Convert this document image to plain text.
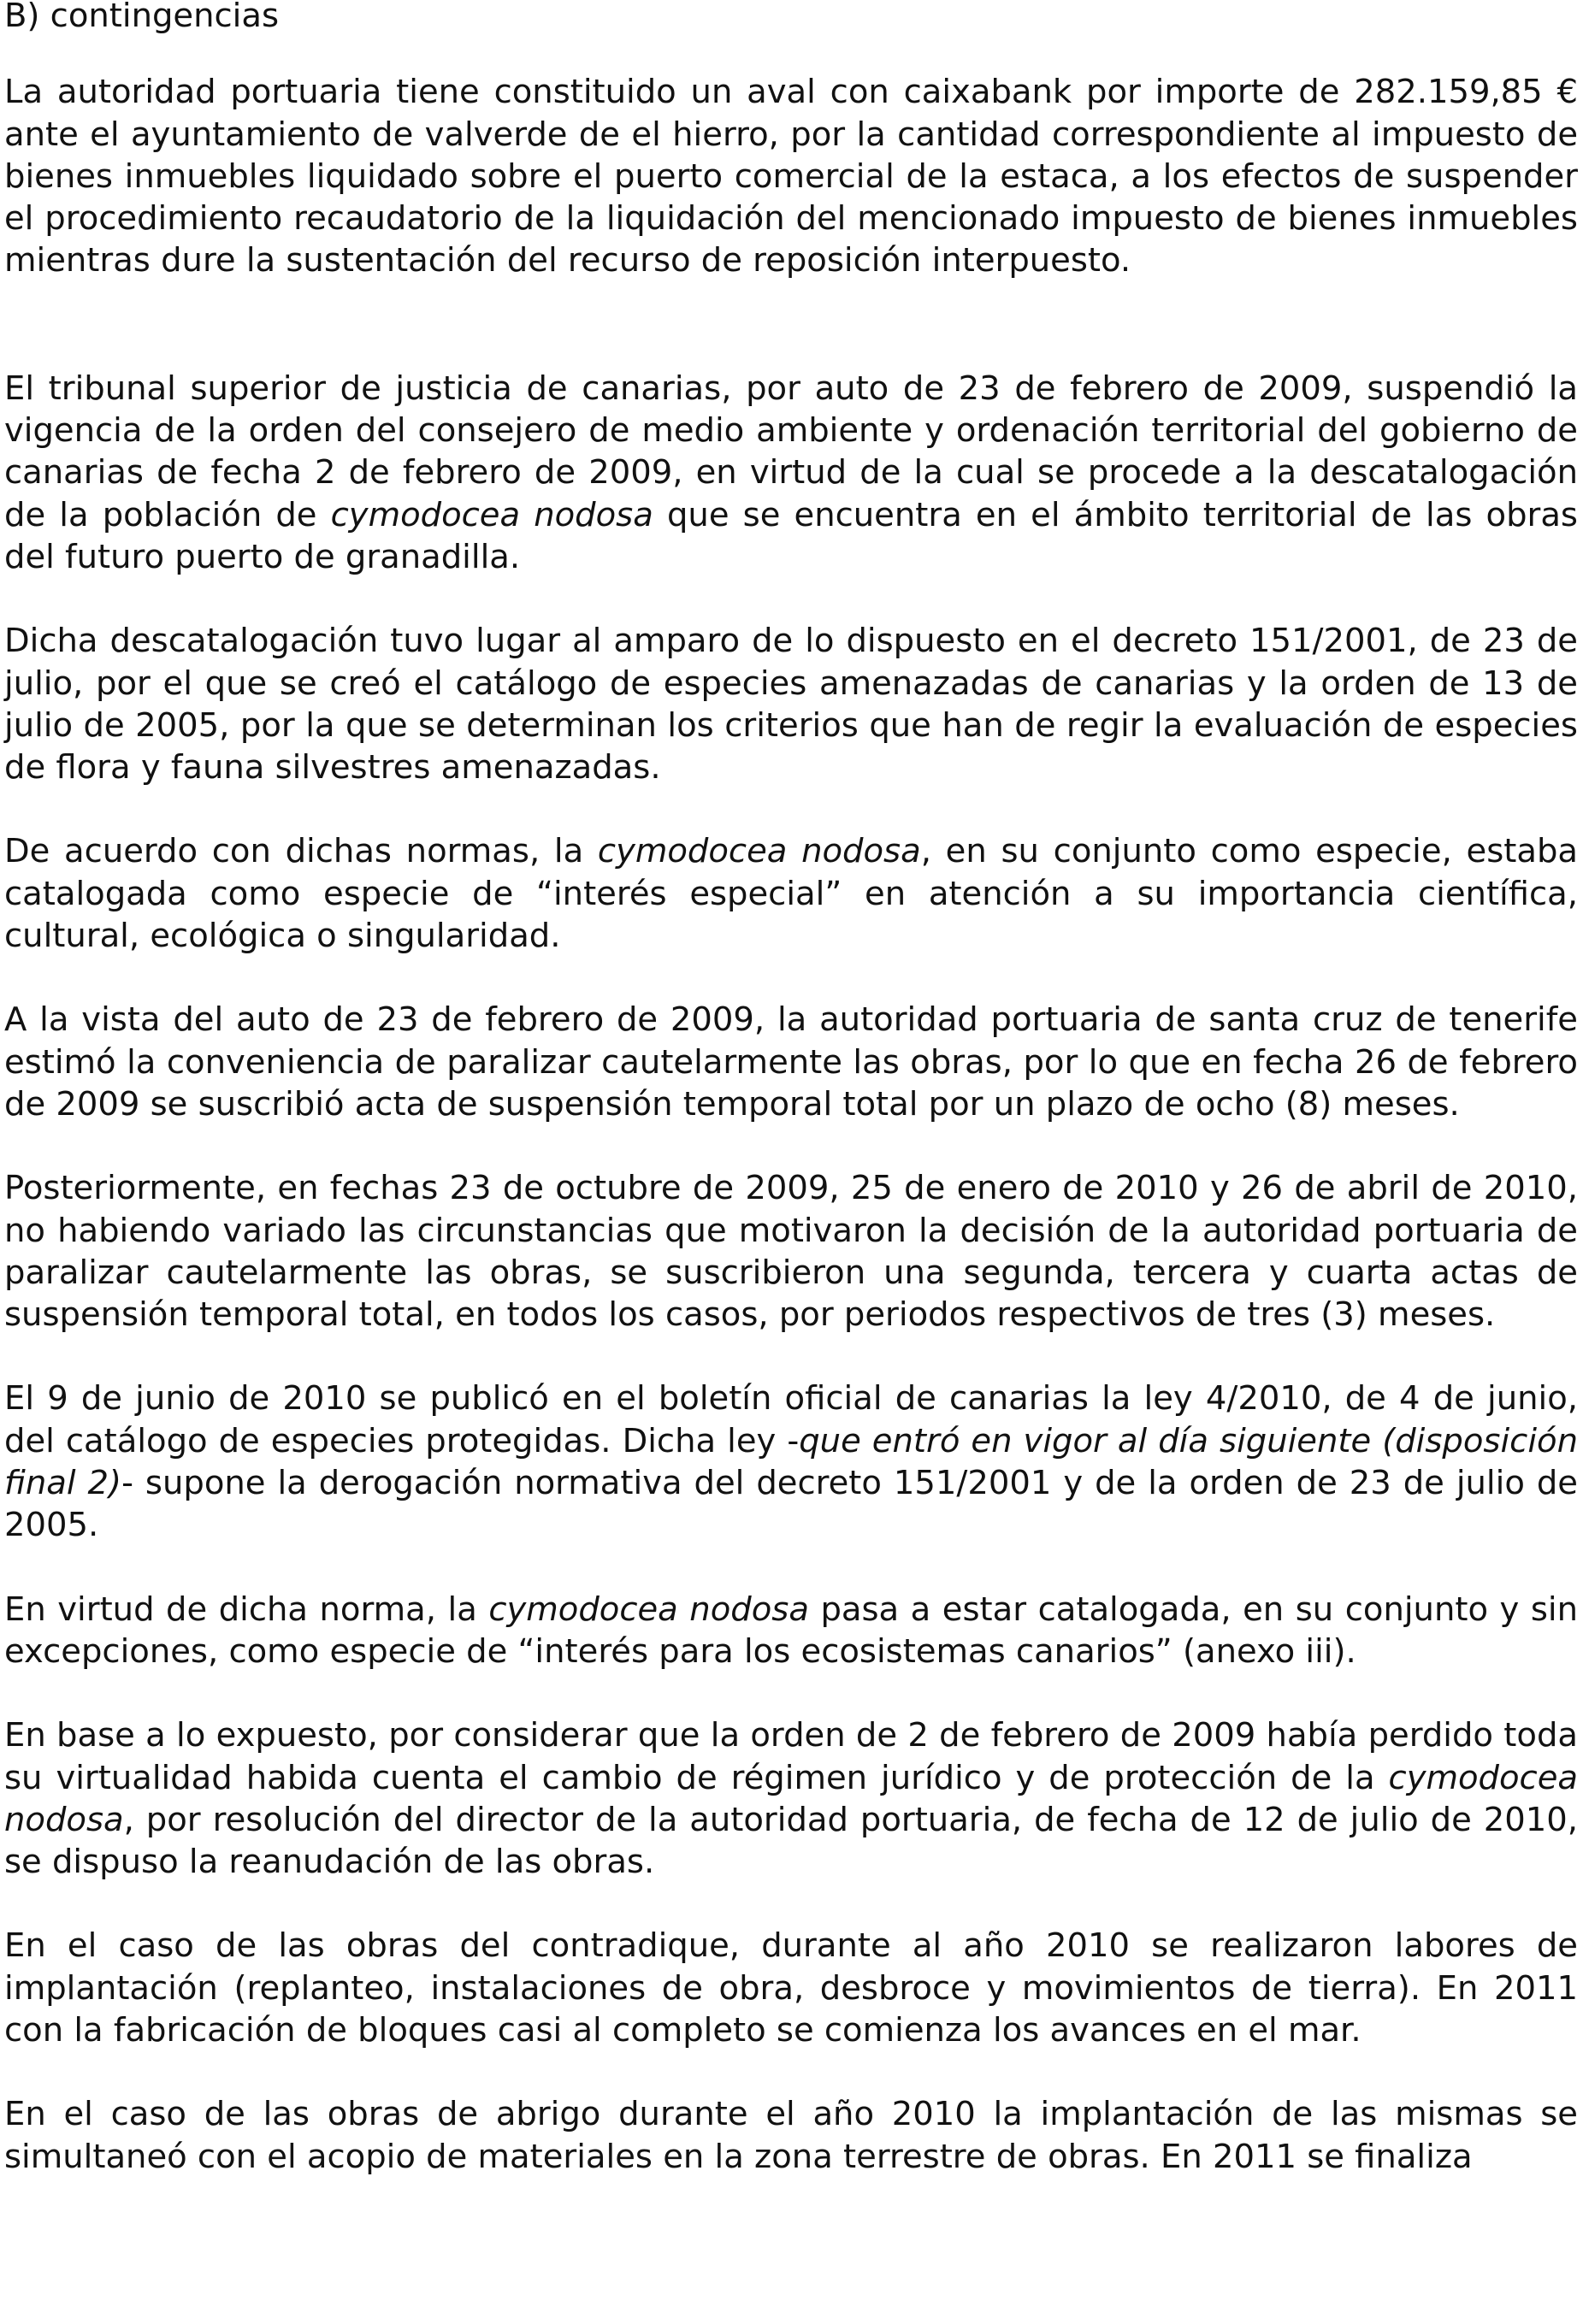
B) contingencias

La autoridad portuaria tiene constituido un aval con caixabank por importe de 282.159,85 € ante el ayuntamiento de valverde de el hierro, por la cantidad correspondiente al impuesto de bienes inmuebles liquidado sobre el puerto comercial de la estaca, a los efectos de suspender el procedimiento recaudatorio de la liquidación del mencionado impuesto de bienes inmuebles mientras dure la sustentación del recurso de reposición interpuesto.

El tribunal superior de justicia de canarias, por auto de 23 de febrero de 2009, suspendió la vigencia de la orden del consejero de medio ambiente y ordenación territorial del gobierno de canarias de fecha 2 de febrero de 2009, en virtud de la cual se procede a la descatalogación de la población de cymodocea nodosa que se encuentra en el ámbito territorial de las obras del futuro puerto de granadilla.

Dicha descatalogación tuvo lugar al amparo de lo dispuesto en el decreto 151/2001, de 23 de julio, por el que se creó el catálogo de especies amenazadas de canarias y la orden de 13 de julio de 2005, por la que se determinan los criterios que han de regir la evaluación de especies de flora y fauna silvestres amenazadas.

De acuerdo con dichas normas, la cymodocea nodosa, en su conjunto como especie, estaba catalogada como especie de “interés especial” en atención a su importancia científica, cultural, ecológica o singularidad.

A la vista del auto de 23 de febrero de 2009, la autoridad portuaria de santa cruz de tenerife estimó la conveniencia de paralizar cautelarmente las obras, por lo que en fecha 26 de febrero de 2009 se suscribió acta de suspensión temporal total por un plazo de ocho (8) meses.

Posteriormente, en fechas 23 de octubre de 2009, 25 de enero de 2010 y 26 de abril de 2010, no habiendo variado las circunstancias que motivaron la decisión de la autoridad portuaria de paralizar cautelarmente las obras, se suscribieron una segunda, tercera y cuarta actas de suspensión temporal total, en todos los casos, por periodos respectivos de tres (3) meses.

El 9 de junio de 2010 se publicó en el boletín oficial de canarias la ley 4/2010, de 4 de junio, del catálogo de especies protegidas. Dicha ley -que entró en vigor al día siguiente (disposición final 2)- supone la derogación normativa del decreto 151/2001 y de la orden de 23 de julio de 2005.

En virtud de dicha norma, la cymodocea nodosa pasa a estar catalogada, en su conjunto y sin excepciones, como especie de “interés para los ecosistemas canarios” (anexo iii).

En base a lo expuesto, por considerar que la orden de 2 de febrero de 2009 había perdido toda su virtualidad habida cuenta el cambio de régimen jurídico y de protección de la cymodocea nodosa, por resolución del director de la autoridad portuaria, de fecha de 12 de julio de 2010, se dispuso la reanudación de las obras.

En el caso de las obras del contradique, durante al año 2010 se realizaron labores de implantación (replanteo, instalaciones de obra, desbroce y movimientos de tierra). En 2011 con la fabricación de bloques casi al completo se comienza los avances en el mar.

En el caso de las obras de abrigo durante el año 2010 la implantación de las mismas se simultaneó con el acopio de materiales en la zona terrestre de obras. En 2011 se finaliza
